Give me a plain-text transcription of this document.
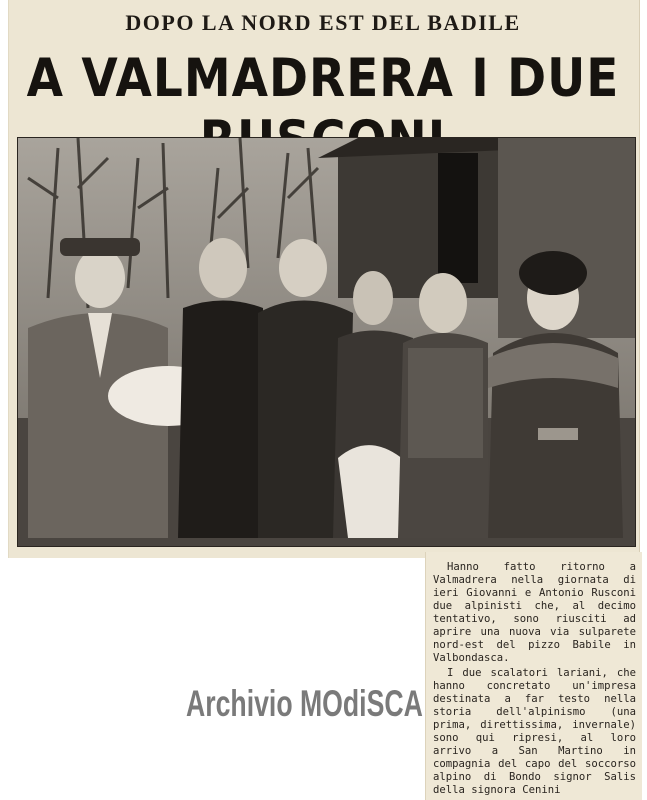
DOPO LA NORD EST DEL BADILE
A VALMADRERA I DUE

Hanno fatto ritorno a Valmadrera nella giornata di ieri Giovanni e Antonio Rusconi due alpinisti che, al decimo tentativo, sono riusciti ad aprire una nuova via sulparete nord-est del pizzo Babile in Valbondasca.

I due scalatori lariani, che hanno concretato un'impresa destinata a far testo nella storia dell'alpinismo (una prima, direttissima, invernale) sono qui ripresi, al loro arrivo a San Martino in compagnia del capo del soccorso alpino di Bondo signor Salis della signora Cenini

Archivio MOdiSCA
